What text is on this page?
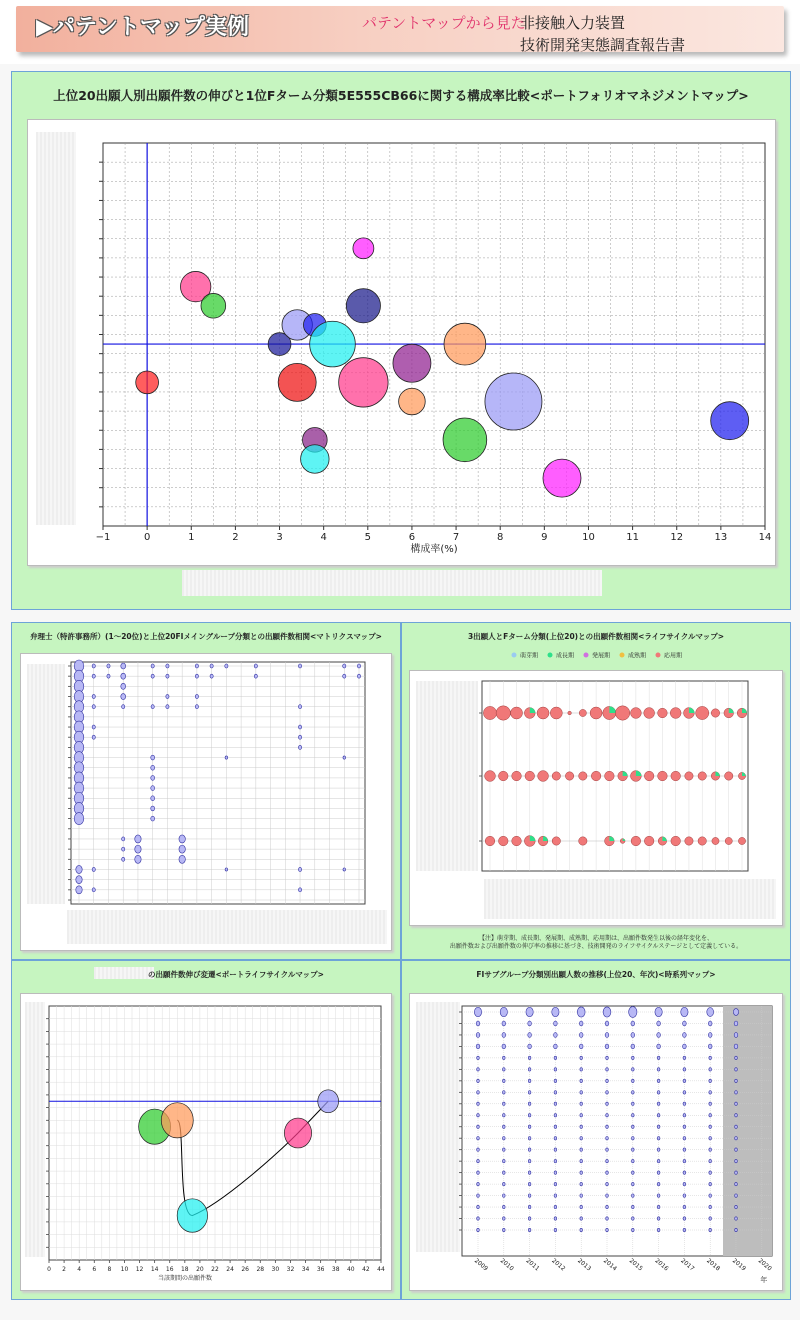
▶パテントマップ実例	パテントマップから見た
非接触入力装置
技術開発実態調査報告書
上位20出願人別出願件数の伸びと1位Fターム分類5E555CB66に関する構成率比較<ポートフォリオマネジメントマップ>
−1	0	1	2	3	4	5	6	7	8	9	10	11	12	13	14
構成率(%)
弁理士（特許事務所）(1〜20位)と上位20FIメイングループ分類との出願件数相関<マトリクスマップ>	3出願人とFターム分類(上位20)との出願件数相関<ライフサイクルマップ>
萌芽期	成長期	発展期	成熟期	応用期
【注】萌芽期、成長期、発展期、成熟期、応用期は、出願件数発生以後の経年変化を、
出願件数および出願件数の伸び率の推移に基づき、技術開発のライフサイクルステージとして定義している。
の出願件数伸び変遷<ポートライフサイクルマップ>
0 2 4 6 8 10 12 14 16 18 20 22 24 26 28 30 32 34 36 38 40 42 44
当該期間の出願件数
FIサブグループ分類別出願人数の推移(上位20、年次)<時系列マップ>
2009 2010 2011 2012 2013 2014 2015 2016 2017 2018 2019 2020
年
